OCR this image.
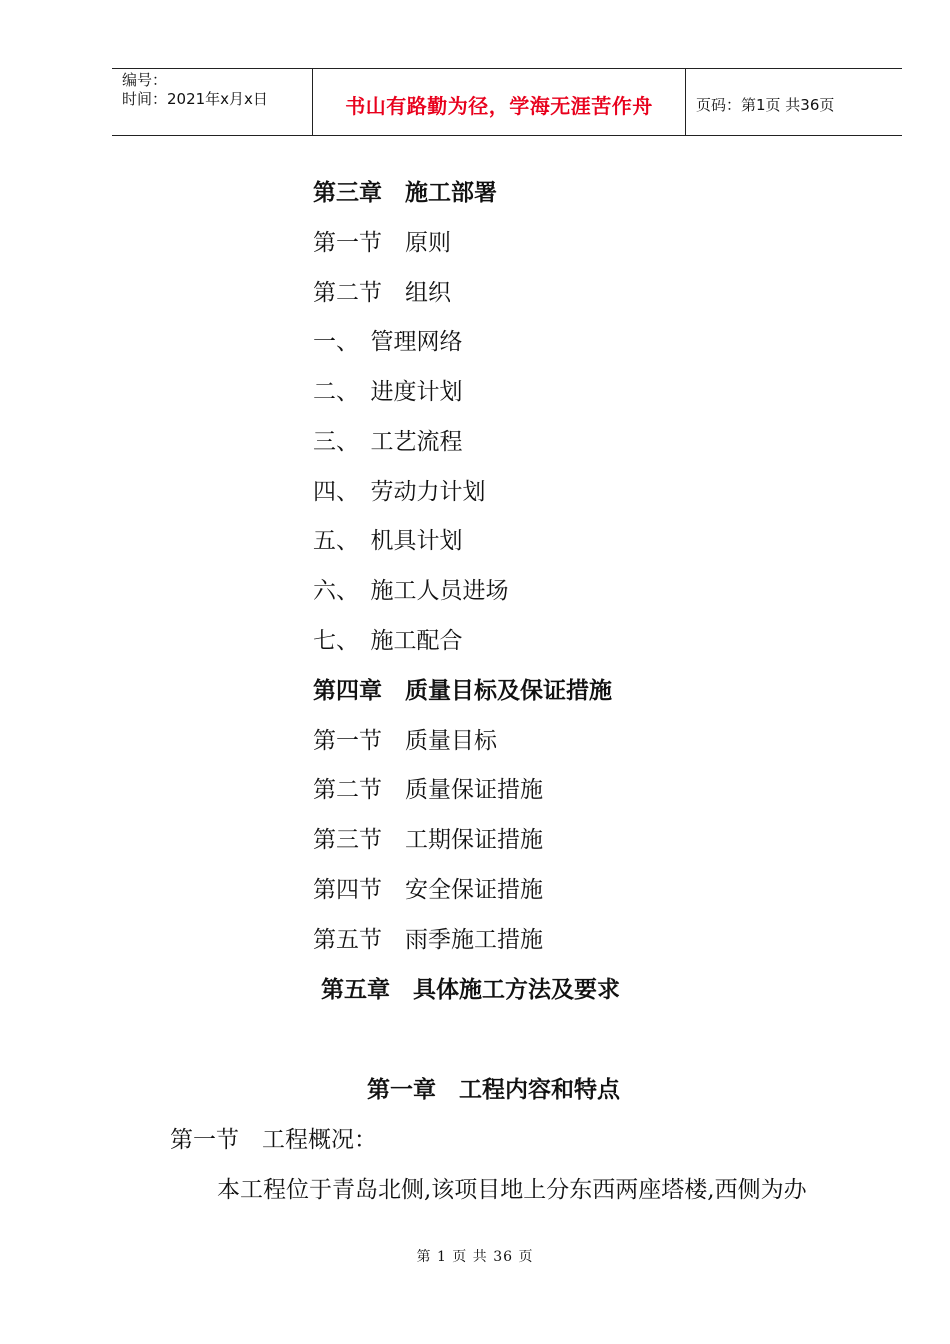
编号：
时间：2021年x月x日	书山有路勤为径，学海无涯苦作舟	页码：第1页 共36页
第三章　施工部署
第一节　原则
第二节　组织
一、　管理网络
二、　进度计划
三、　工艺流程
四、　劳动力计划
五、　机具计划
六、　施工人员进场
七、　施工配合
第四章　质量目标及保证措施
第一节　质量目标
第二节　质量保证措施
第三节　工期保证措施
第四节　安全保证措施
第五节　雨季施工措施
第五章　具体施工方法及要求
第一章　工程内容和特点
第一节　工程概况：
本工程位于青岛北侧,该项目地上分东西两座塔楼,西侧为办
第 1 页 共 36 页
